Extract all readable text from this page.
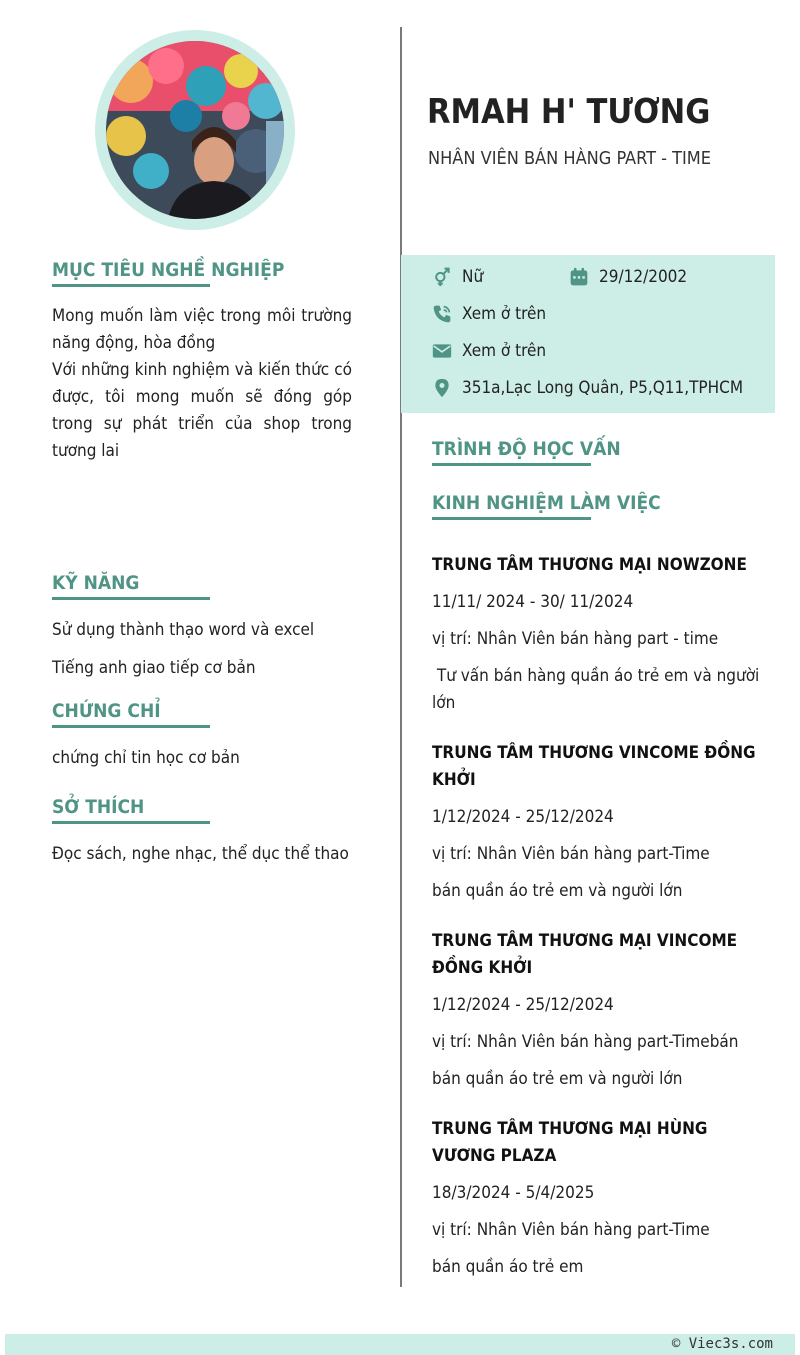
RMAH H' TƯƠNG
NHÂN VIÊN BÁN HÀNG PART - TIME
Nữ	29/12/2002
Xem ở trên
Xem ở trên
351a,Lạc Long Quân, P5,Q11,TPHCM
MỤC TIÊU NGHỀ NGHIỆP
Mong muốn làm việc trong môi trường năng động, hòa đồng
Với những kinh nghiệm và kiến thức có được, tôi mong muốn sẽ đóng góp trong sự phát triển của shop trong tương lai
KỸ NĂNG
Sử dụng thành thạo word và excel
Tiếng anh giao tiếp cơ bản
CHỨNG CHỈ
chứng chỉ tin học cơ bản
SỞ THÍCH
Đọc sách, nghe nhạc, thể dục thể thao
TRÌNH ĐỘ HỌC VẤN
KINH NGHIỆM LÀM VIỆC
TRUNG TÂM THƯƠNG MẠI NOWZONE
11/11/ 2024 - 30/ 11/2024
vị trí: Nhân Viên bán hàng part - time
Tư vấn bán hàng quần áo trẻ em và người lớn
TRUNG TÂM THƯƠNG VINCOME ĐỒNG KHỞI
1/12/2024 - 25/12/2024
vị trí: Nhân Viên bán hàng part-Time
bán quần áo trẻ em và người lớn
TRUNG TÂM THƯƠNG MẠI VINCOME ĐỒNG KHỞI
1/12/2024 - 25/12/2024
vị trí: Nhân Viên bán hàng part-Timebán
bán quần áo trẻ em và người lớn
TRUNG TÂM THƯƠNG MẠI HÙNG VƯƠNG PLAZA
18/3/2024 - 5/4/2025
vị trí: Nhân Viên bán hàng part-Time
bán quần áo trẻ em
© Viec3s.com
